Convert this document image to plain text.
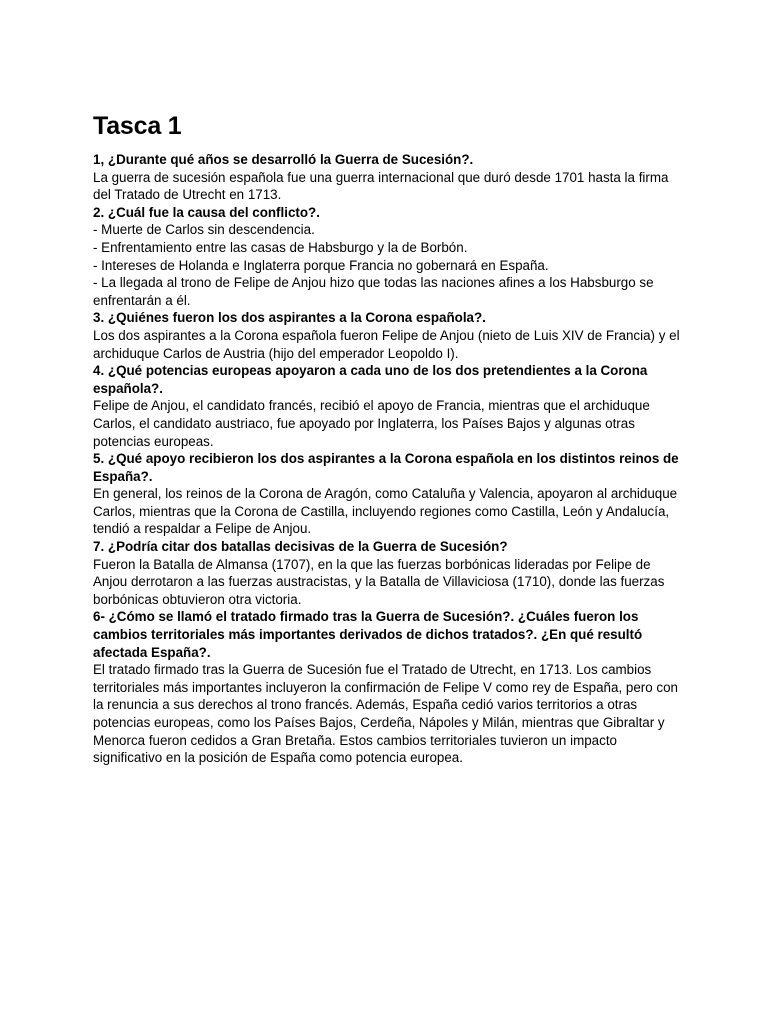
Tasca 1

1, ¿Durante qué años se desarrolló la Guerra de Sucesión?.

La guerra de sucesión española fue una guerra internacional que duró desde 1701 hasta la firma del Tratado de Utrecht en 1713.

2. ¿Cuál fue la causa del conflicto?.

- Muerte de Carlos sin descendencia.

- Enfrentamiento entre las casas de Habsburgo y la de Borbón.

- Intereses de Holanda e Inglaterra porque Francia no gobernará en España.

- La llegada al trono de Felipe de Anjou hizo que todas las naciones afines a los Habsburgo se enfrentarán a él.

3. ¿Quiénes fueron los dos aspirantes a la Corona española?.

Los dos aspirantes a la Corona española fueron Felipe de Anjou (nieto de Luis XIV de Francia) y el archiduque Carlos de Austria (hijo del emperador Leopoldo I).

4. ¿Qué potencias europeas apoyaron a cada uno de los dos pretendientes a la Corona española?.

Felipe de Anjou, el candidato francés, recibió el apoyo de Francia, mientras que el archiduque Carlos, el candidato austriaco, fue apoyado por Inglaterra, los Países Bajos y algunas otras potencias europeas.

5. ¿Qué apoyo recibieron los dos aspirantes a la Corona española en los distintos reinos de España?.

En general, los reinos de la Corona de Aragón, como Cataluña y Valencia, apoyaron al archiduque Carlos, mientras que la Corona de Castilla, incluyendo regiones como Castilla, León y Andalucía, tendió a respaldar a Felipe de Anjou.

7. ¿Podría citar dos batallas decisivas de la Guerra de Sucesión?

Fueron la Batalla de Almansa (1707), en la que las fuerzas borbónicas lideradas por Felipe de Anjou derrotaron a las fuerzas austracistas, y la Batalla de Villaviciosa (1710), donde las fuerzas borbónicas obtuvieron otra victoria.

6- ¿Cómo se llamó el tratado firmado tras la Guerra de Sucesión?. ¿Cuáles fueron los cambios territoriales más importantes derivados de dichos tratados?. ¿En qué resultó afectada España?.

El tratado firmado tras la Guerra de Sucesión fue el Tratado de Utrecht, en 1713. Los cambios territoriales más importantes incluyeron la confirmación de Felipe V como rey de España, pero con la renuncia a sus derechos al trono francés. Además, España cedió varios territorios a otras potencias europeas, como los Países Bajos, Cerdeña, Nápoles y Milán, mientras que Gibraltar y Menorca fueron cedidos a Gran Bretaña. Estos cambios territoriales tuvieron un impacto significativo en la posición de España como potencia europea.
